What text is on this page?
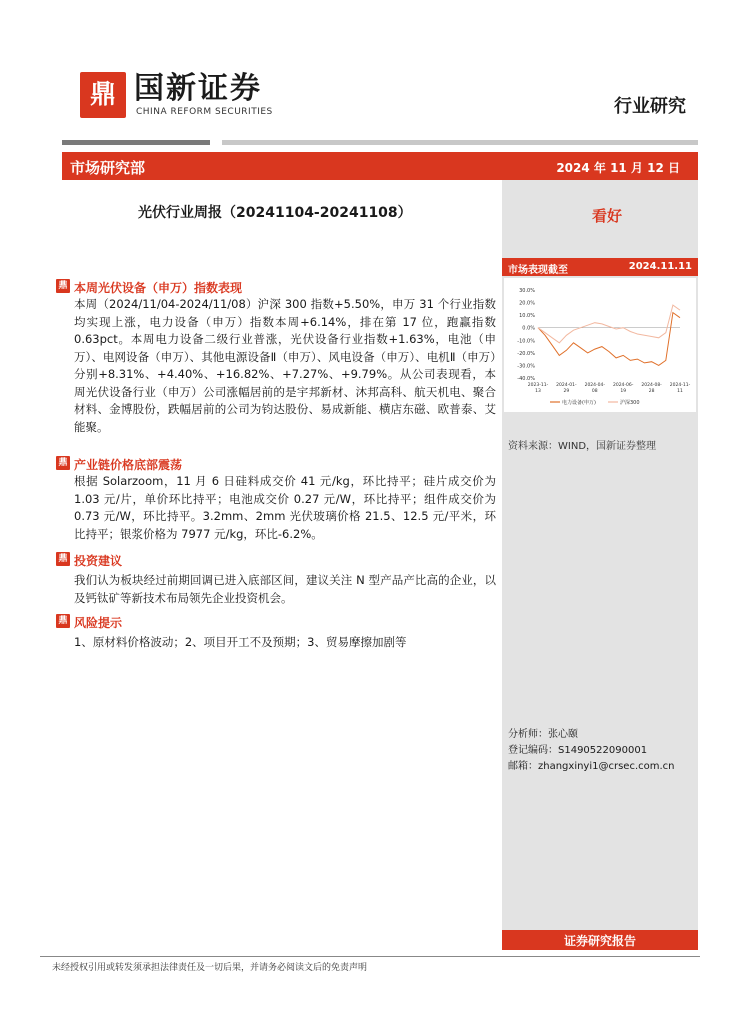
鼎 国新证券
CHINA REFORM SECURITIES	行业研究
市场研究部	2024 年 11 月 12 日
光伏行业周报（20241104-20241108）	看好
市场表现截至	2024.11.11
30.0%
20.0%
10.0%
0.0%
-10.0%
-20.0%
-30.0%
-40.0%
2023-11-
13
2024-01-
29
2024-04-
08
2024-06-
19
2024-08-
28
2024-11-
11
电力设备(申万)	沪深300
资料来源：WIND，国新证券整理
分析师：张心颐
登记编码：S1490522090001
邮箱：zhangxinyi1@crsec.com.cn
证券研究报告
鼎 本周光伏设备（申万）指数表现
本周（2024/11/04-2024/11/08）沪深 300 指数+5.50%，申万 31 个行业指数均实现上涨，电力设备（申万）指数本周+6.14%，排在第 17 位，跑赢指数 0.63pct。本周电力设备二级行业普涨，光伏设备行业指数+1.63%，电池（申万）、电网设备（申万）、其他电源设备Ⅱ（申万）、风电设备（申万）、电机Ⅱ（申万）分别+8.31%、+4.40%、+16.82%、+7.27%、+9.79%。从公司表现看，本周光伏设备行业（申万）公司涨幅居前的是宇邦新材、沐邦高科、航天机电、聚合材料、金博股份，跌幅居前的公司为钧达股份、易成新能、横店东磁、欧普泰、艾能聚。
鼎 产业链价格底部震荡
根据 Solarzoom，11 月 6 日硅料成交价 41 元/kg，环比持平；硅片成交价为 1.03 元/片，单价环比持平；电池成交价 0.27 元/W，环比持平；组件成交价为 0.73 元/W，环比持平。3.2mm、2mm 光伏玻璃价格 21.5、12.5 元/平米，环比持平；银浆价格为 7977 元/kg，环比-6.2%。
鼎 投资建议
我们认为板块经过前期回调已进入底部区间，建议关注 N 型产品产比高的企业，以及钙钛矿等新技术布局领先企业投资机会。
鼎 风险提示
1、原材料价格波动；2、项目开工不及预期；3、贸易摩擦加剧等
未经授权引用或转发须承担法律责任及一切后果，并请务必阅读文后的免责声明
